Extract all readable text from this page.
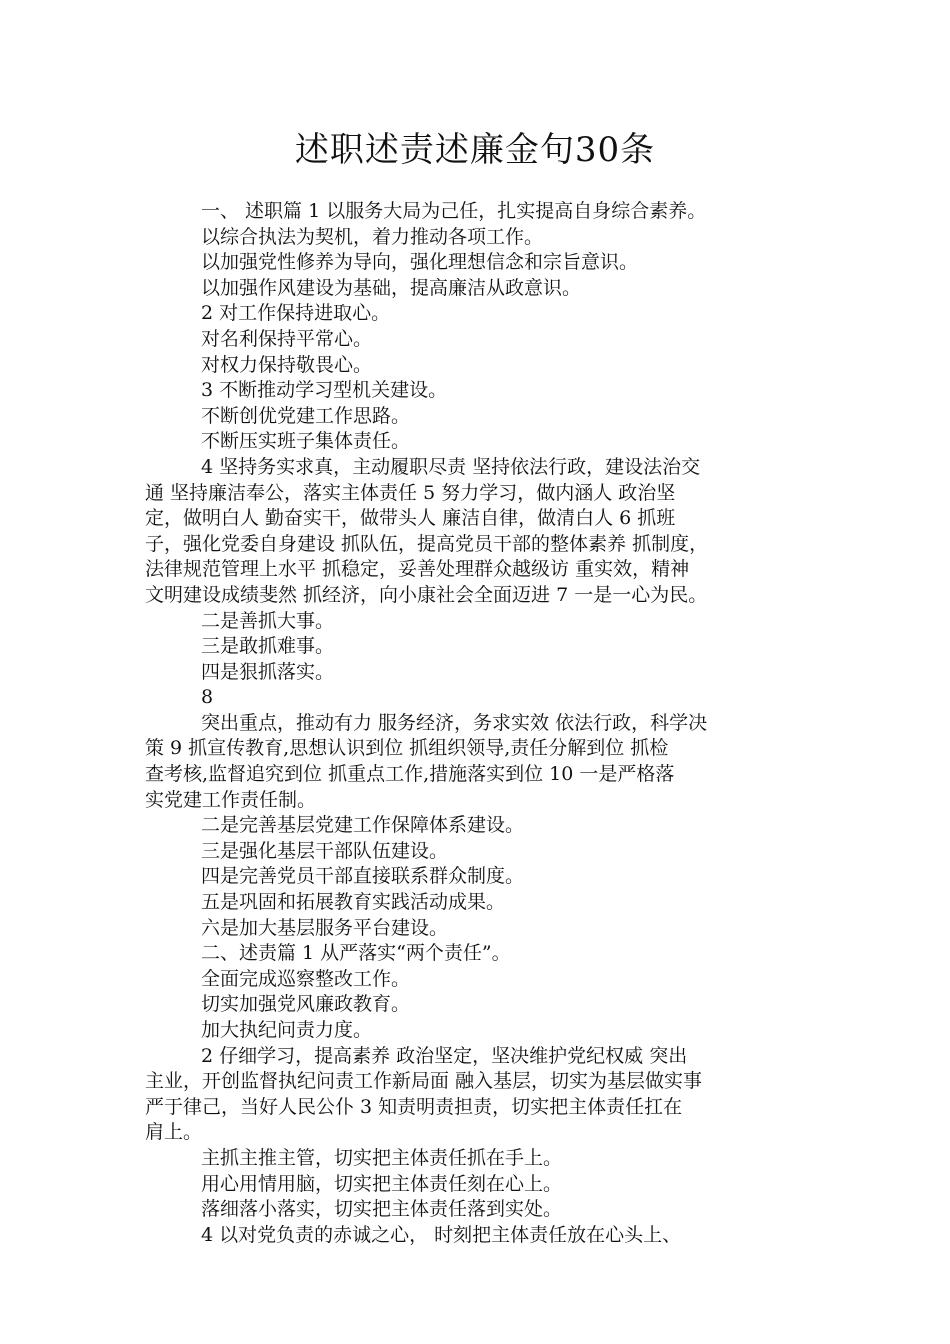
述职述责述廉金句30条
一、 述职篇 1 以服务大局为己任，扎实提高自身综合素养。
以综合执法为契机，着力推动各项工作。
以加强党性修养为导向，强化理想信念和宗旨意识。
以加强作风建设为基础，提高廉洁从政意识。
2 对工作保持进取心。
对名利保持平常心。
对权力保持敬畏心。
3 不断推动学习型机关建设。
不断创优党建工作思路。
不断压实班子集体责任。
4 坚持务实求真，主动履职尽责 坚持依法行政，建设法治交
通 坚持廉洁奉公，落实主体责任 5 努力学习，做内涵人 政治坚
定，做明白人 勤奋实干，做带头人 廉洁自律，做清白人 6 抓班
子，强化党委自身建设 抓队伍，提高党员干部的整体素养 抓制度，
法律规范管理上水平 抓稳定，妥善处理群众越级访 重实效，精神
文明建设成绩斐然 抓经济，向小康社会全面迈进 7 一是一心为民。
二是善抓大事。
三是敢抓难事。
四是狠抓落实。
8
突出重点，推动有力 服务经济，务求实效 依法行政，科学决
策 9 抓宣传教育,思想认识到位 抓组织领导,责任分解到位 抓检
查考核,监督追究到位 抓重点工作,措施落实到位 10 一是严格落
实党建工作责任制。
二是完善基层党建工作保障体系建设。
三是强化基层干部队伍建设。
四是完善党员干部直接联系群众制度。
五是巩固和拓展教育实践活动成果。
六是加大基层服务平台建设。
二、述责篇 1 从严落实“两个责任”。
全面完成巡察整改工作。
切实加强党风廉政教育。
加大执纪问责力度。
2 仔细学习，提高素养 政治坚定，坚决维护党纪权威 突出
主业，开创监督执纪问责工作新局面 融入基层，切实为基层做实事
严于律己，当好人民公仆 3 知责明责担责，切实把主体责任扛在
肩上。
主抓主推主管，切实把主体责任抓在手上。
用心用情用脑，切实把主体责任刻在心上。
落细落小落实，切实把主体责任落到实处。
4 以对党负责的赤诚之心， 时刻把主体责任放在心头上、
